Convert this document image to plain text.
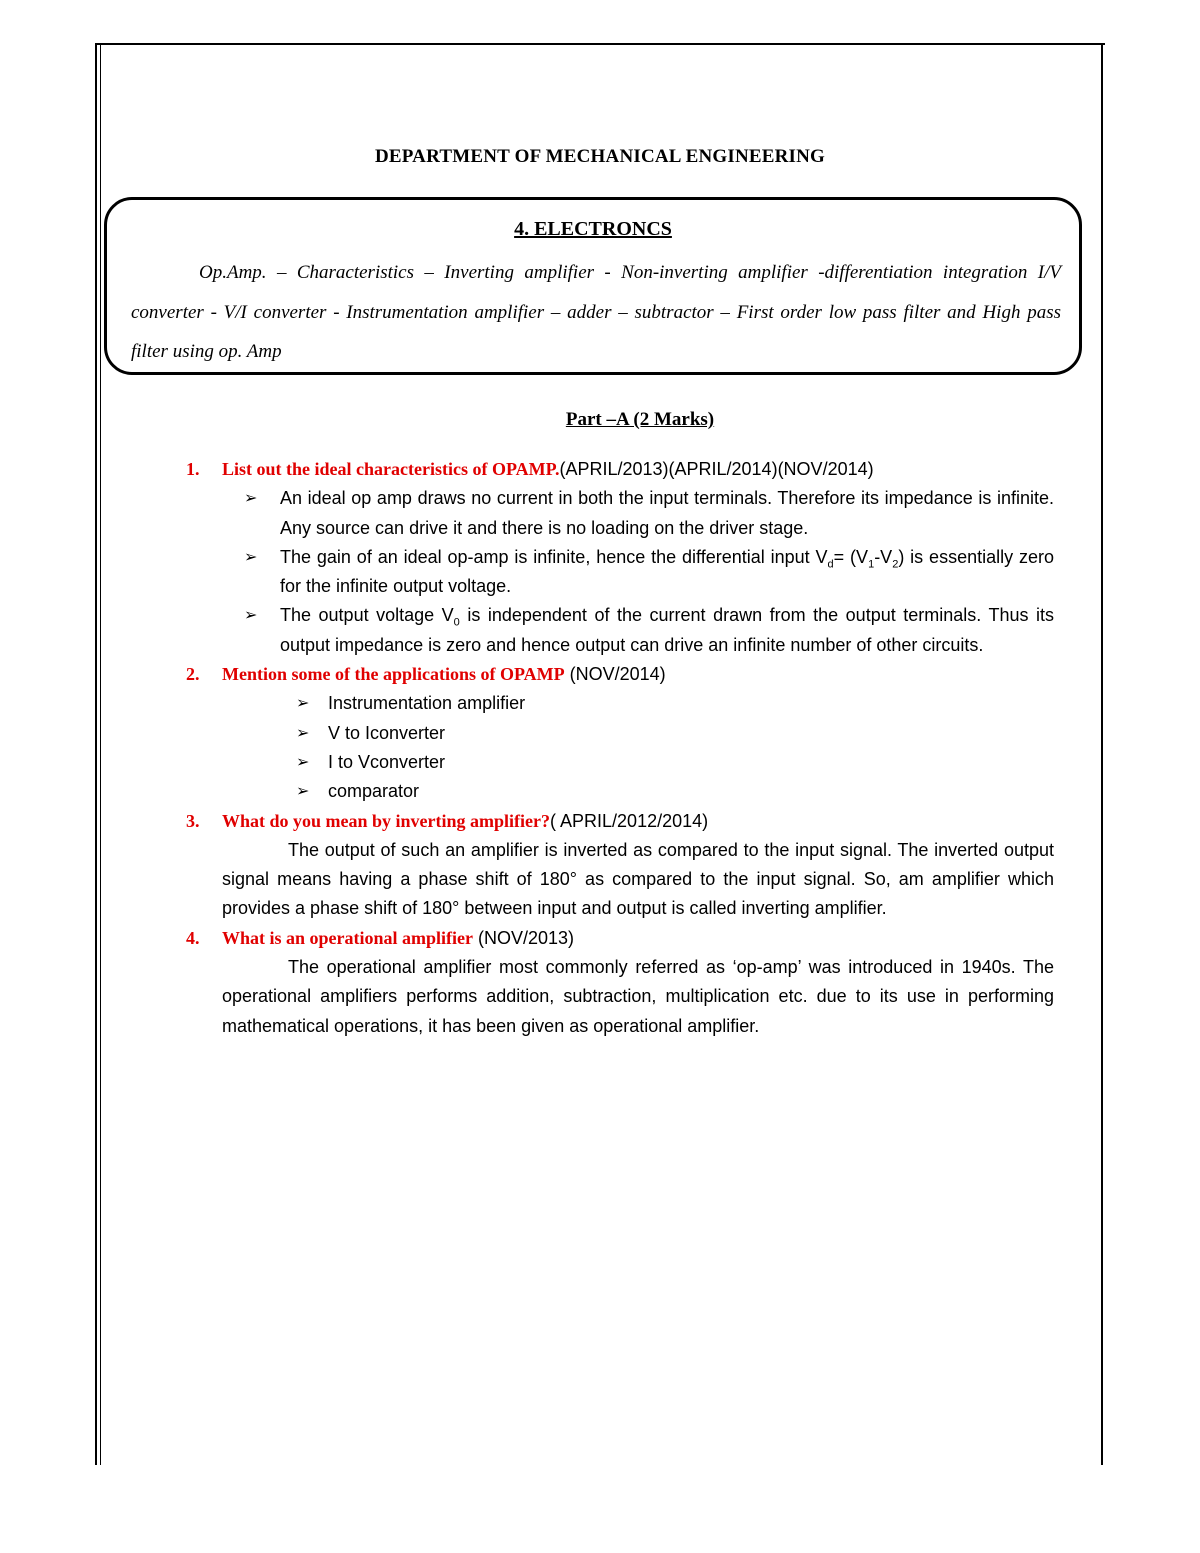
DEPARTMENT OF MECHANICAL ENGINEERING
4. ELECTRONCS
Op.Amp. – Characteristics – Inverting amplifier - Non-inverting amplifier -differentiation integration I/V converter - V/I converter - Instrumentation amplifier – adder – subtractor – First order low pass filter and High pass filter using op. Amp
Part –A (2 Marks)
1. List out the ideal characteristics of OPAMP.(APRIL/2013)(APRIL/2014)(NOV/2014)
➢ An ideal op amp draws no current in both the input terminals. Therefore its impedance is infinite. Any source can drive it and there is no loading on the driver stage.
➢ The gain of an ideal op-amp is infinite, hence the differential input $V_d= (V_1-V_2)$ is essentially zero for the infinite output voltage.
➢ The output voltage $V_0$ is independent of the current drawn from the output terminals. Thus its output impedance is zero and hence output can drive an infinite number of other circuits.
2. Mention some of the applications of OPAMP (NOV/2014)
➢ Instrumentation amplifier
➢ V to Iconverter
➢ I to Vconverter
➢ comparator
3. What do you mean by inverting amplifier?( APRIL/2012/2014)
The output of such an amplifier is inverted as compared to the input signal. The inverted output signal means having a phase shift of 180° as compared to the input signal. So, am amplifier which provides a phase shift of 180° between input and output is called inverting amplifier.
4. What is an operational amplifier (NOV/2013)
The operational amplifier most commonly referred as ‘op-amp’ was introduced in 1940s. The operational amplifiers performs addition, subtraction, multiplication etc. due to its use in performing mathematical operations, it has been given as operational amplifier.
